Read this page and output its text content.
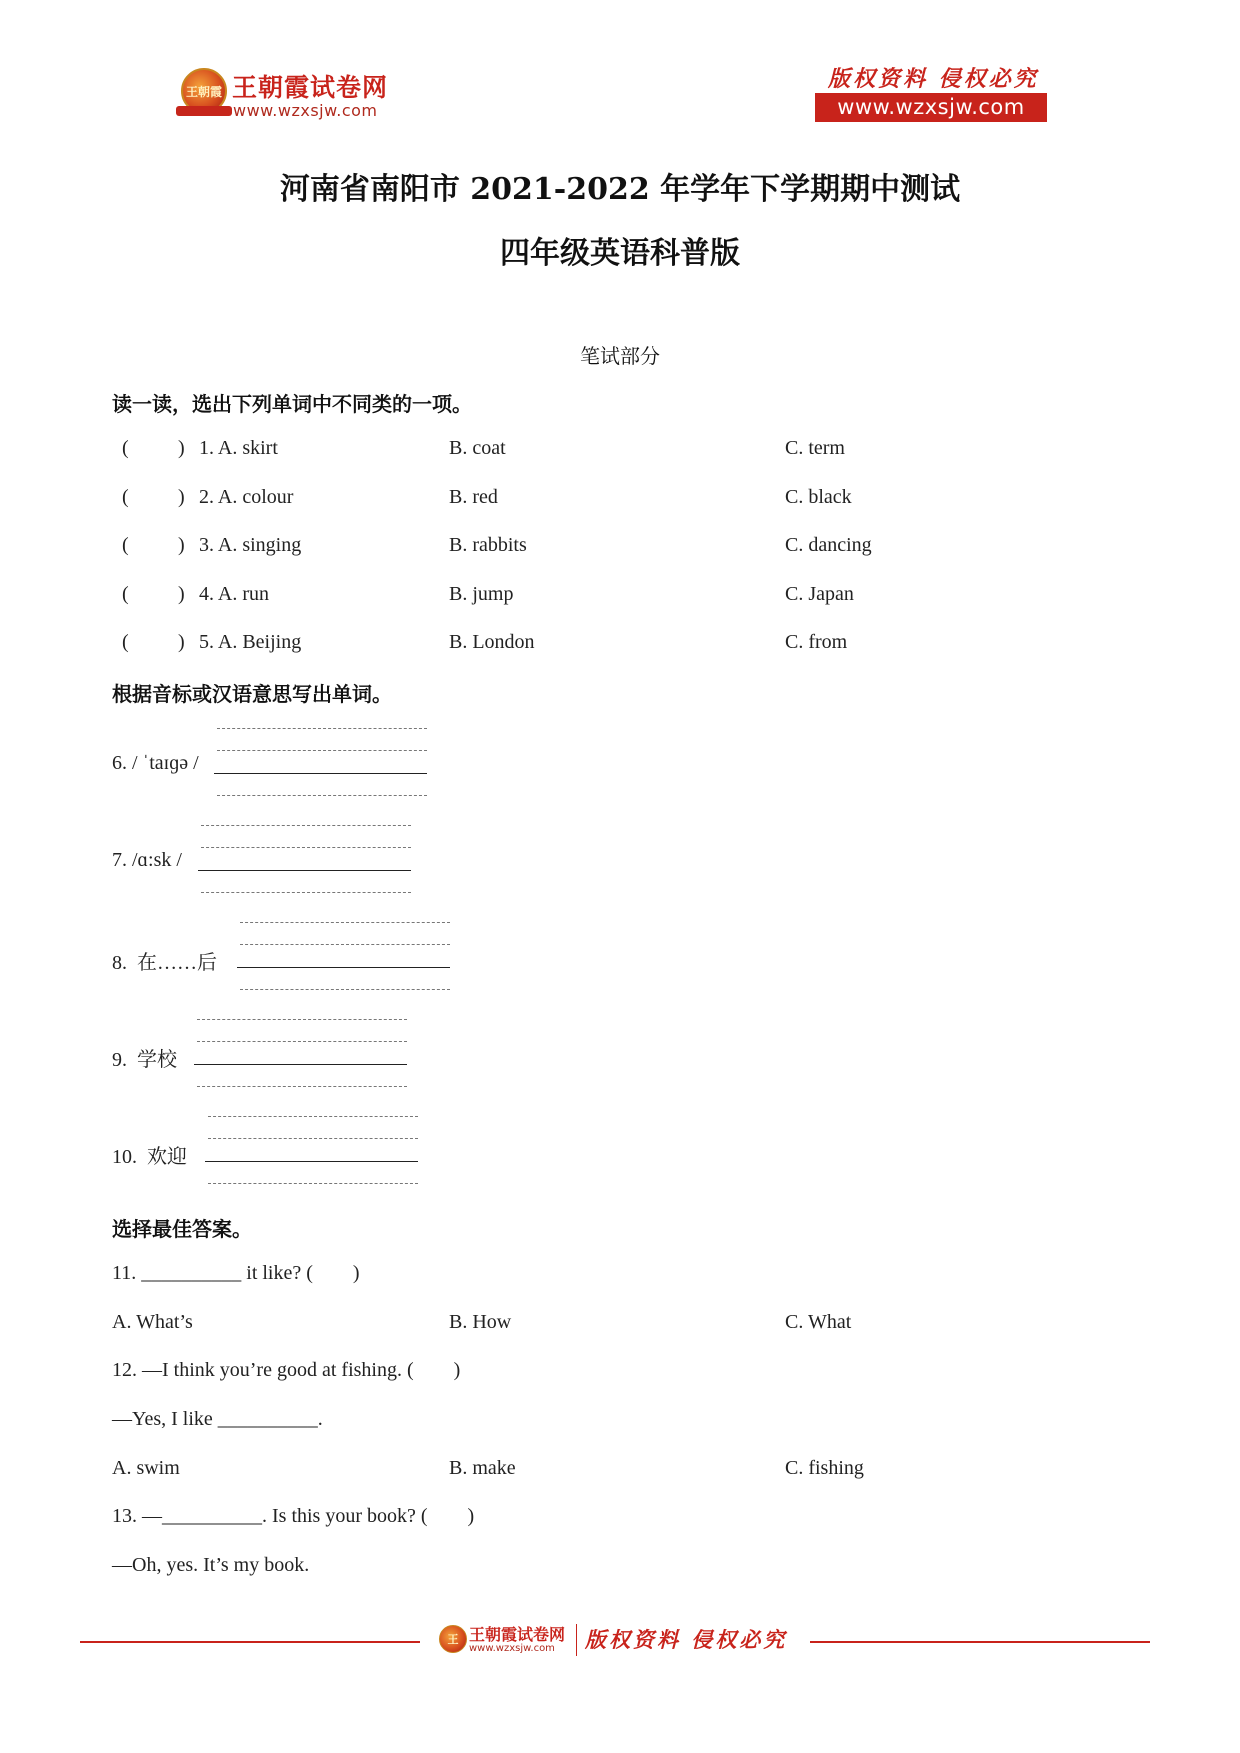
王朝霞 王朝霞试卷网
www.wzxsjw.com
版权资料 侵权必究
www.wzxsjw.com
河南省南阳市 2021-2022 年学年下学期期中测试
四年级英语科普版
笔试部分
读一读，选出下列单词中不同类的一项。
( ) 1. A. skirt	B. coat	C. term
( ) 2. A. colour	B. red	C. black
( ) 3. A. singing	B. rabbits	C. dancing
( ) 4. A. run	B. jump	C. Japan
( ) 5. A. Beijing	B. London	C. from
根据音标或汉语意思写出单词。
6. / ˈtaɪɡə /
7. /ɑ:sk /
8.  在……后
9.  学校
10.  欢迎
选择最佳答案。
11. __________ it like? (        )
A. What’s	B. How	C. What
12. —I think you’re good at fishing. (        )
—Yes, I like __________.
A. swim	B. make	C. fishing
13. —__________. Is this your book? (        )
—Oh, yes. It’s my book.
王 王朝霞试卷网
www.wzxsjw.com 版权资料 侵权必究
